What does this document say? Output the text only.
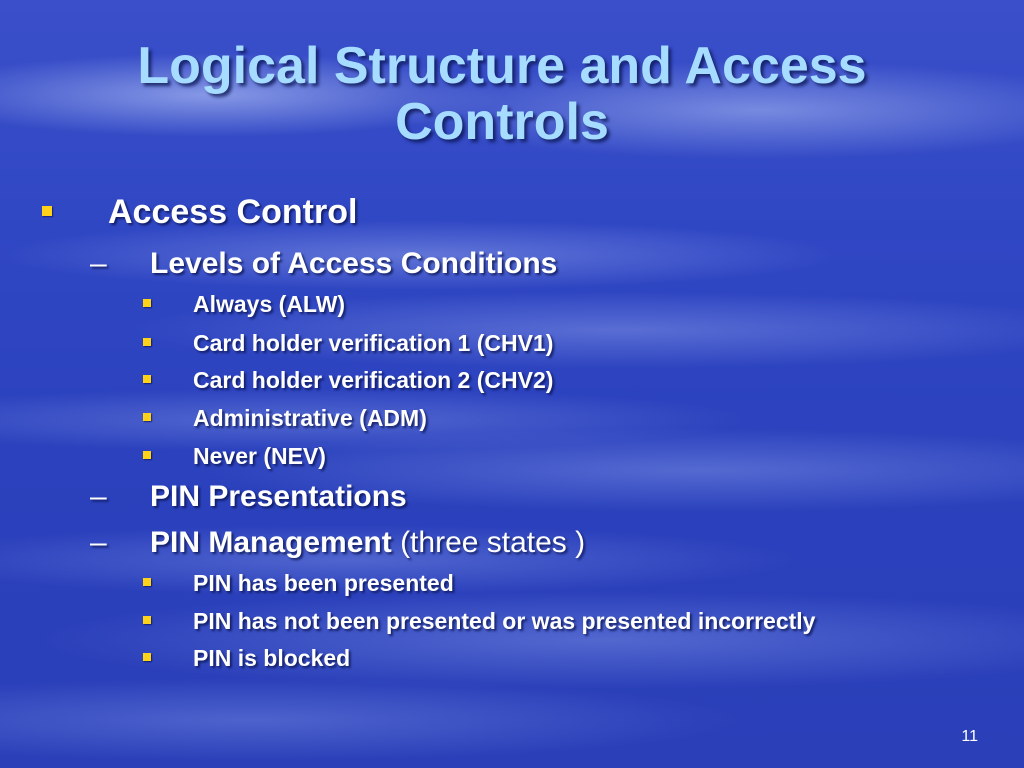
Logical Structure and Access Controls
Access Control
– Levels of Access Conditions
Always (ALW)
Card holder verification 1 (CHV1)
Card holder verification 2 (CHV2)
Administrative (ADM)
Never (NEV)
– PIN Presentations
– PIN Management (three states )
PIN has been presented
PIN has not been presented or was presented incorrectly
PIN is blocked
11
